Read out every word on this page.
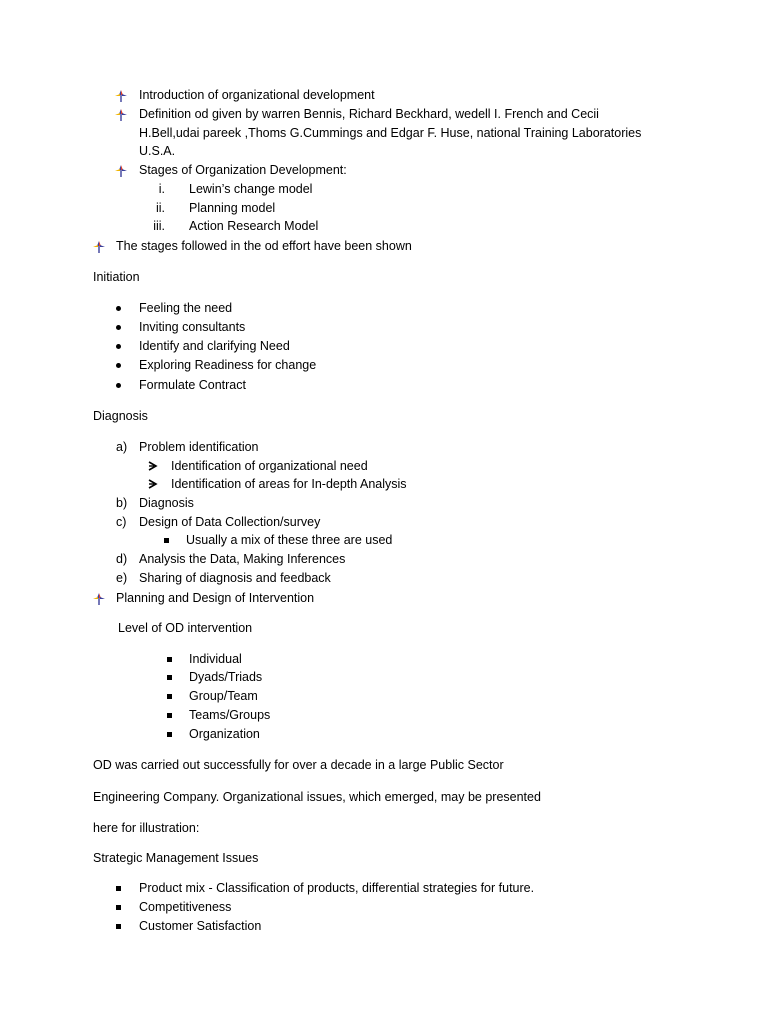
Introduction of organizational development
Definition od given by warren Bennis, Richard Beckhard, wedell I. French and Cecii
H.Bell,udai pareek ,Thoms G.Cummings and Edgar F. Huse, national Training Laboratories
U.S.A.
Stages of Organization Development:
i. Lewin’s change model
ii. Planning model
iii. Action Research Model
The stages followed in the od effort have been shown
Initiation
Feeling the need
Inviting consultants
Identify and clarifying Need
Exploring Readiness for change
Formulate Contract
Diagnosis
a) Problem identification
Identification of organizational need
Identification of areas for In-depth Analysis
b) Diagnosis
c) Design of Data Collection/survey
Usually a mix of these three are used
d) Analysis the Data, Making Inferences
e) Sharing of diagnosis and feedback
Planning and Design of Intervention
Level of OD intervention
Individual
Dyads/Triads
Group/Team
Teams/Groups
Organization
OD was carried out successfully for over a decade in a large Public Sector
Engineering Company. Organizational issues, which emerged, may be presented
here for illustration:
Strategic Management Issues
Product mix - Classification of products, differential strategies for future.
Competitiveness
Customer Satisfaction
